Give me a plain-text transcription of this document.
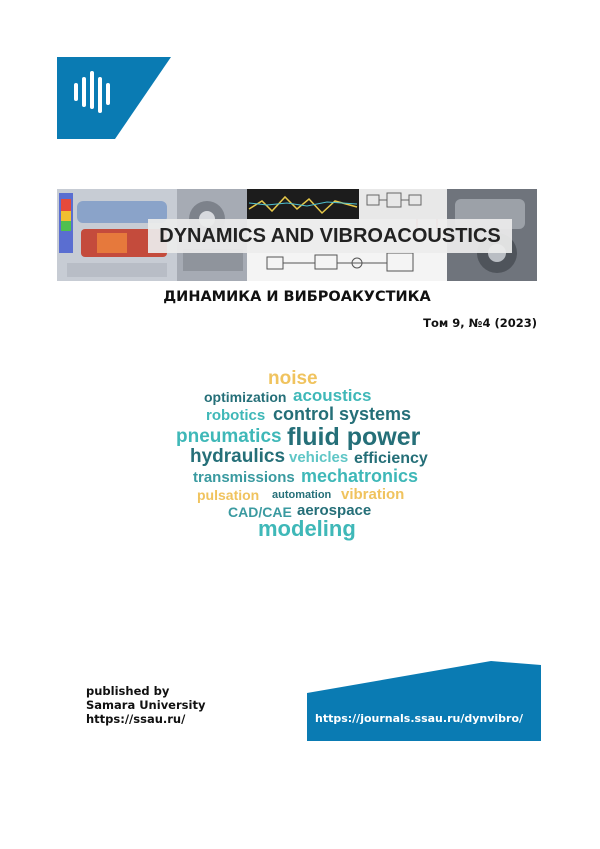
DYNAMICS AND VIBROACOUSTICS
ДИНАМИКА И ВИБРОАКУСТИКА
Том 9, №4 (2023)
noise
optimization acoustics
robotics control systems
pneumatics fluid power
hydraulics vehicles efficiency
transmissions mechatronics
pulsation automation vibration
CAD/CAE aerospace
modeling
published by
Samara University
https://ssau.ru/	https://journals.ssau.ru/dynvibro/
